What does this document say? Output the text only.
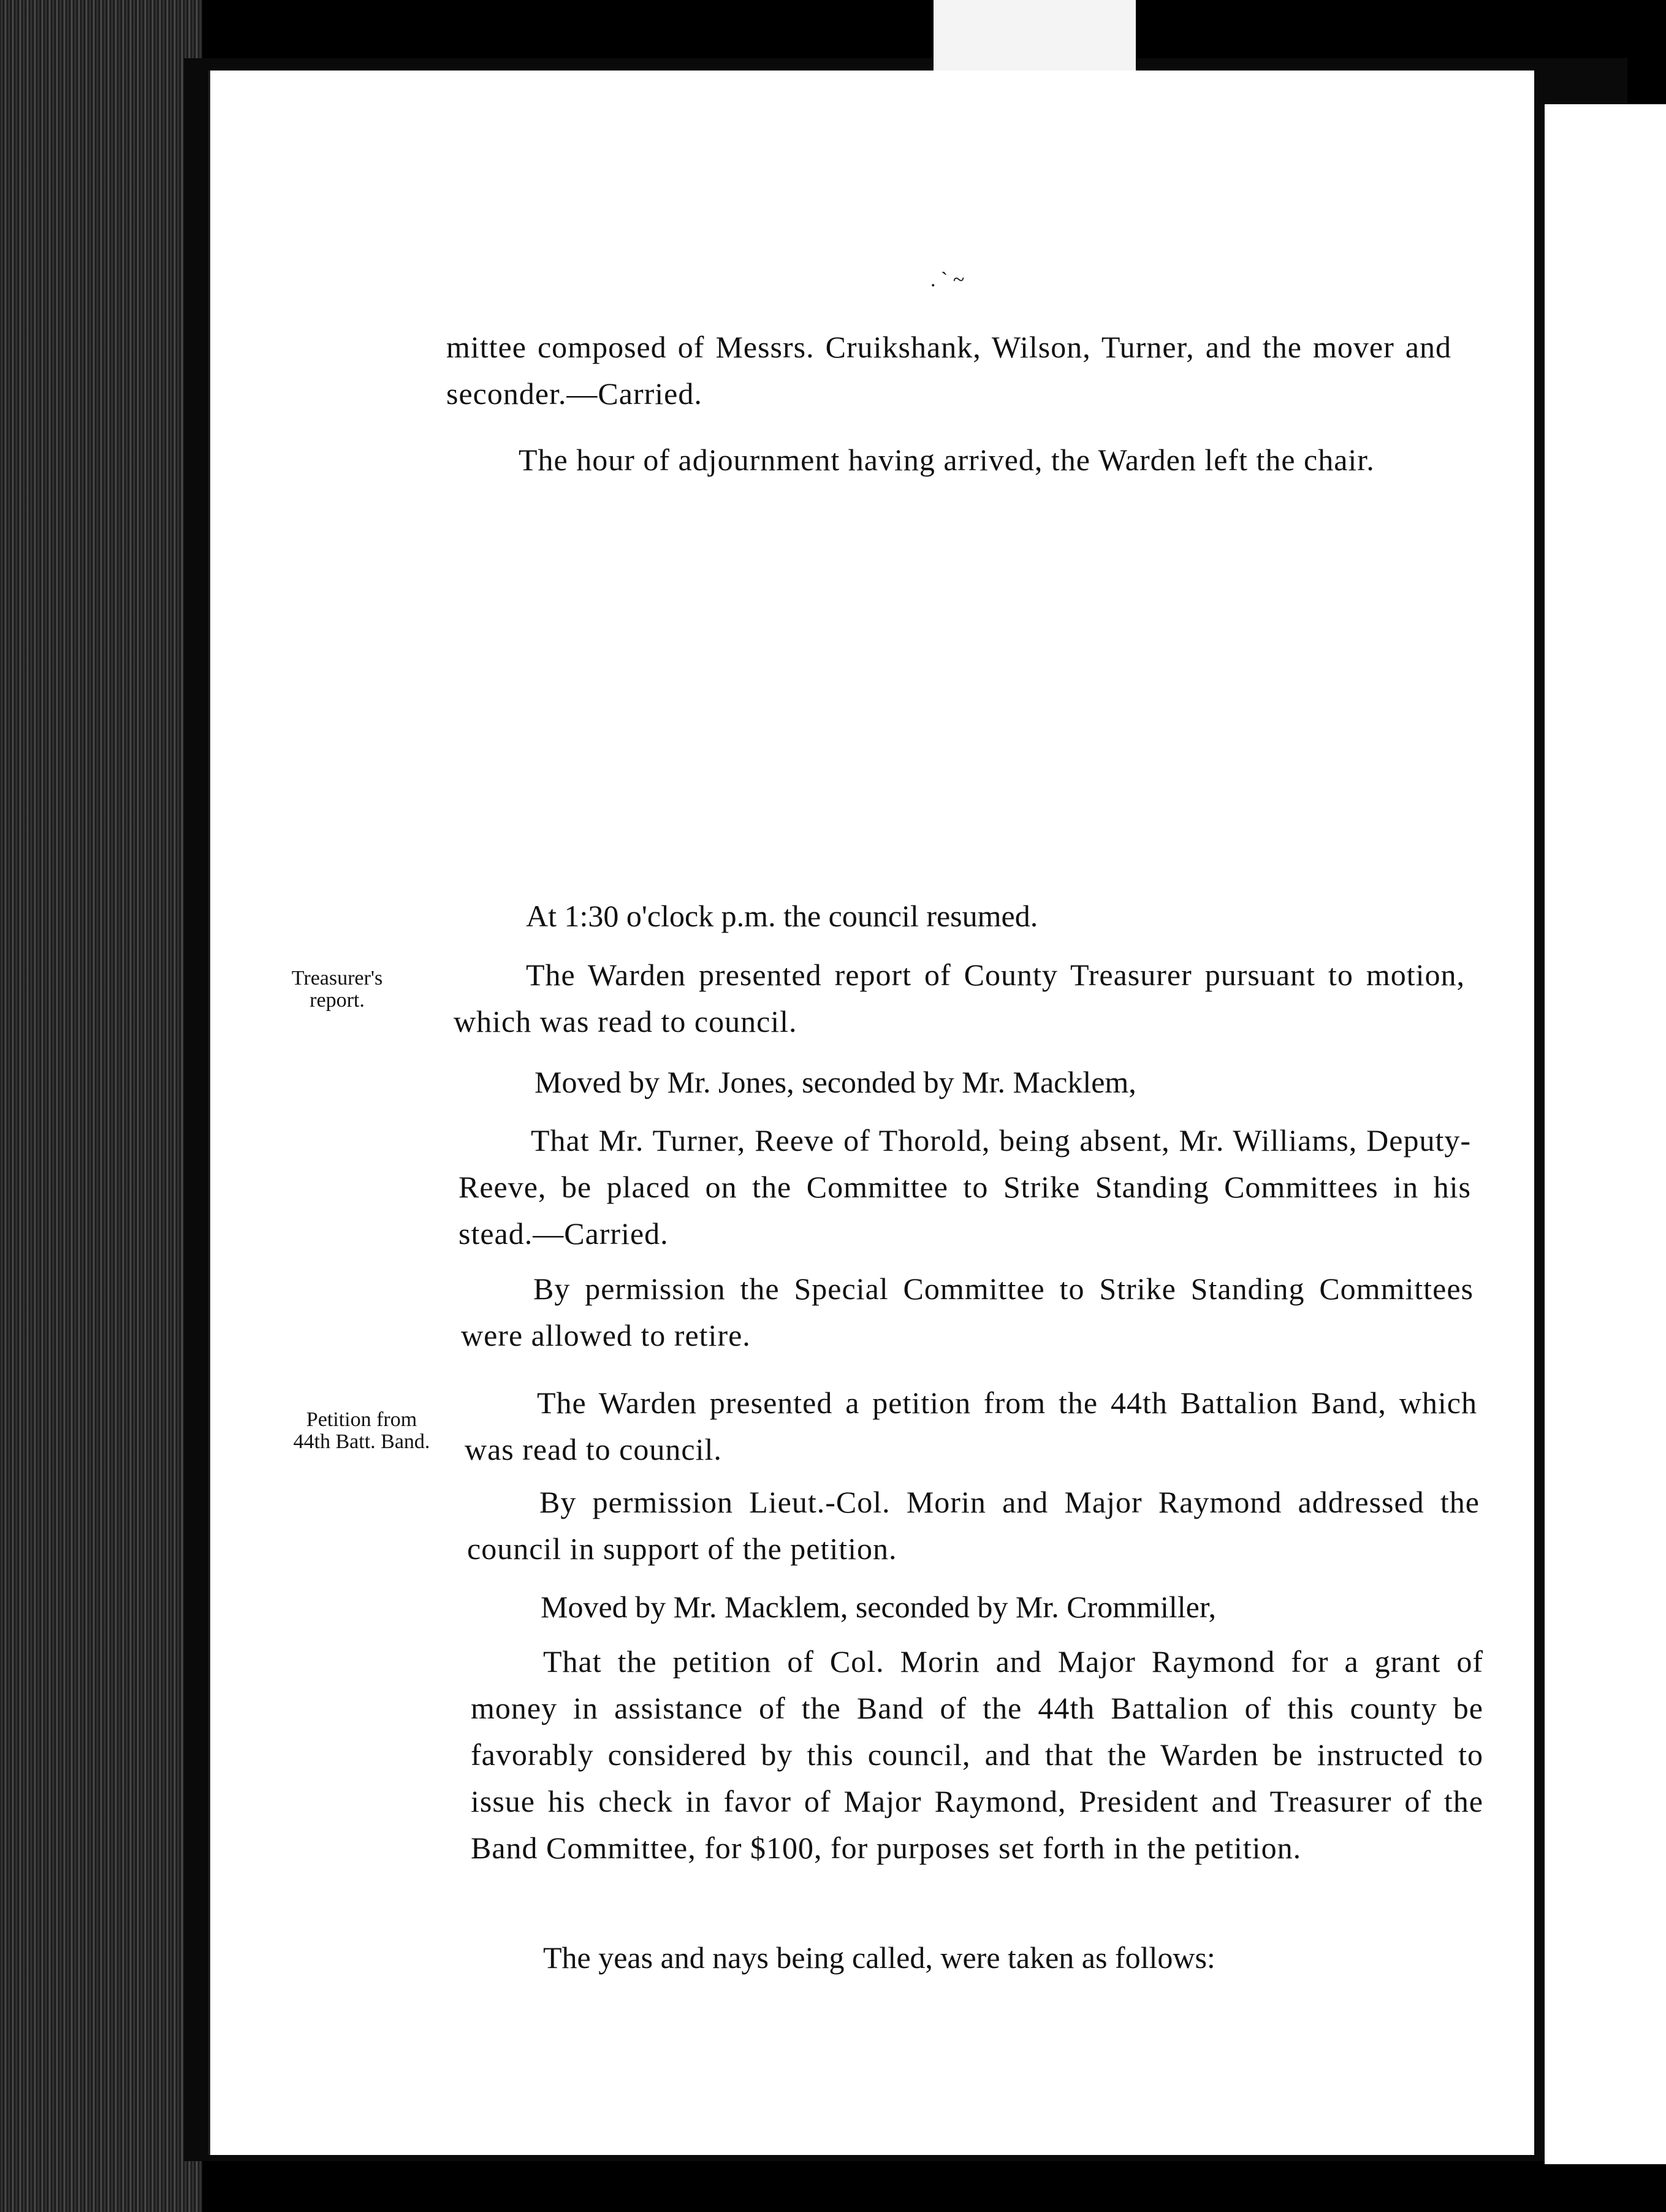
. ` ~

mittee composed of Messrs. Cruikshank, Wilson, Turner, and the mover and seconder.—Carried.

The hour of adjournment having arrived, the Warden left the chair.

At 1:30 o'clock p.m. the council resumed.
Treasurer's
report.

The Warden presented report of County Treasurer pursuant to motion, which was read to council.

Moved by Mr. Jones, seconded by Mr. Macklem,

That Mr. Turner, Reeve of Thorold, being absent, Mr. Williams, Deputy-Reeve, be placed on the Committee to Strike Standing Committees in his stead.—Carried.

By permission the Special Committee to Strike Standing Committees were allowed to retire.

Petition from
44th Batt. Band.

The Warden presented a petition from the 44th Battalion Band, which was read to council.

By permission Lieut.-Col. Morin and Major Raymond addressed the council in support of the petition.

Moved by Mr. Macklem, seconded by Mr. Crommiller,

That the petition of Col. Morin and Major Raymond for a grant of money in assistance of the Band of the 44th Battalion of this county be favorably considered by this council, and that the Warden be instructed to issue his check in favor of Major Raymond, President and Treasurer of the Band Committee, for $100, for purposes set forth in the petition.

The yeas and nays being called, were taken as follows:
